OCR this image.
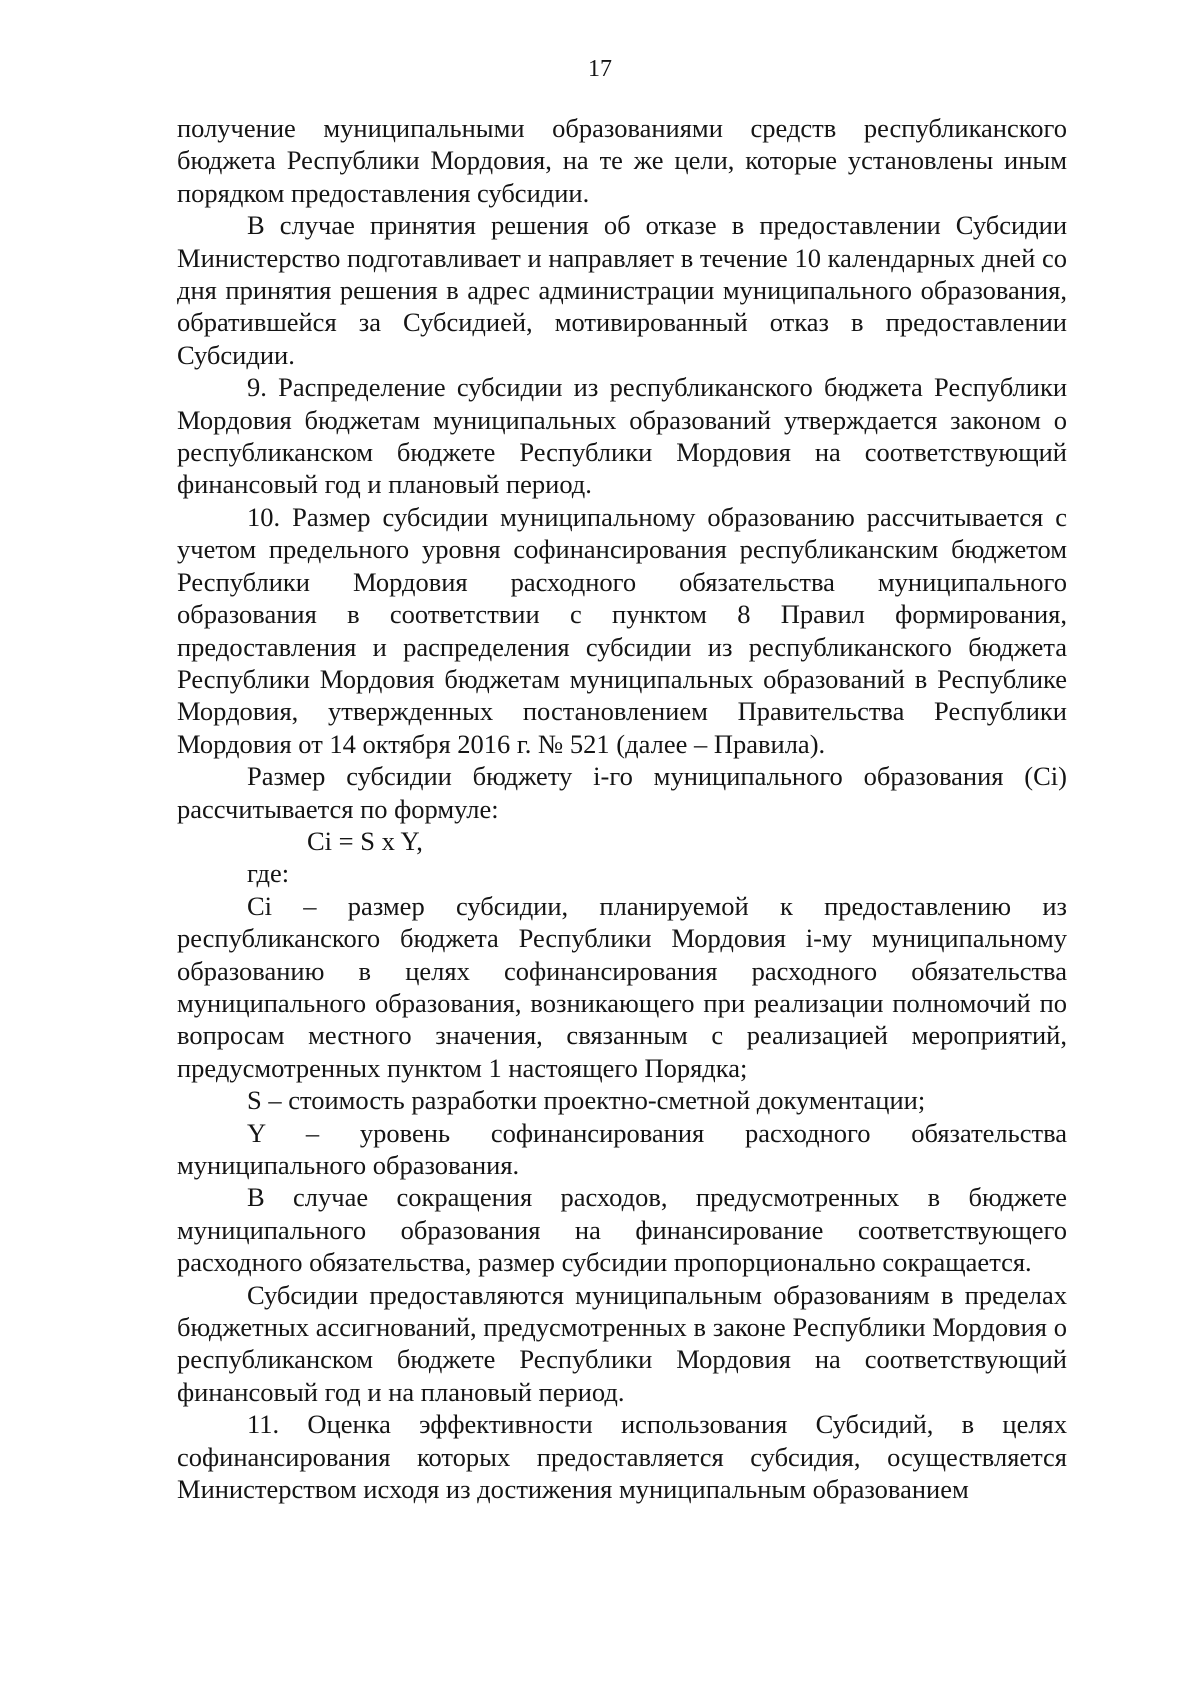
17

получение муниципальными образованиями средств республиканского бюджета Республики Мордовия, на те же цели, которые установлены иным порядком предоставления субсидии.

В случае принятия решения об отказе в предоставлении Субсидии Министерство подготавливает и направляет в течение 10 календарных дней со дня принятия решения в адрес администрации муниципального образования, обратившейся за Субсидией, мотивированный отказ в предоставлении Субсидии.

9. Распределение субсидии из республиканского бюджета Республики Мордовия бюджетам муниципальных образований утверждается законом о республиканском бюджете Республики Мордовия на соответствующий финансовый год и плановый период.

10. Размер субсидии муниципальному образованию рассчитывается с учетом предельного уровня софинансирования республиканским бюджетом Республики Мордовия расходного обязательства муниципального образования в соответствии с пунктом 8 Правил формирования, предоставления и распределения субсидии из республиканского бюджета Республики Мордовия бюджетам муниципальных образований в Республике Мордовия, утвержденных постановлением Правительства Республики Мордовия от 14 октября 2016 г. № 521 (далее – Правила).

Размер субсидии бюджету i-го муниципального образования (Ci) рассчитывается по формуле:

Ci = S x Y,

где:

Ci – размер субсидии, планируемой к предоставлению из республиканского бюджета Республики Мордовия i-му муниципальному образованию в целях софинансирования расходного обязательства муниципального образования, возникающего при реализации полномочий по вопросам местного значения, связанным с реализацией мероприятий, предусмотренных пунктом 1 настоящего Порядка;

S – стоимость разработки проектно-сметной документации;

Y – уровень софинансирования расходного обязательства муниципального образования.

В случае сокращения расходов, предусмотренных в бюджете муниципального образования на финансирование соответствующего расходного обязательства, размер субсидии пропорционально сокращается.

Субсидии предоставляются муниципальным образованиям в пределах бюджетных ассигнований, предусмотренных в законе Республики Мордовия о республиканском бюджете Республики Мордовия на соответствующий финансовый год и на плановый период.

11. Оценка эффективности использования Субсидий, в целях софинансирования которых предоставляется субсидия, осуществляется Министерством исходя из достижения муниципальным образованием
